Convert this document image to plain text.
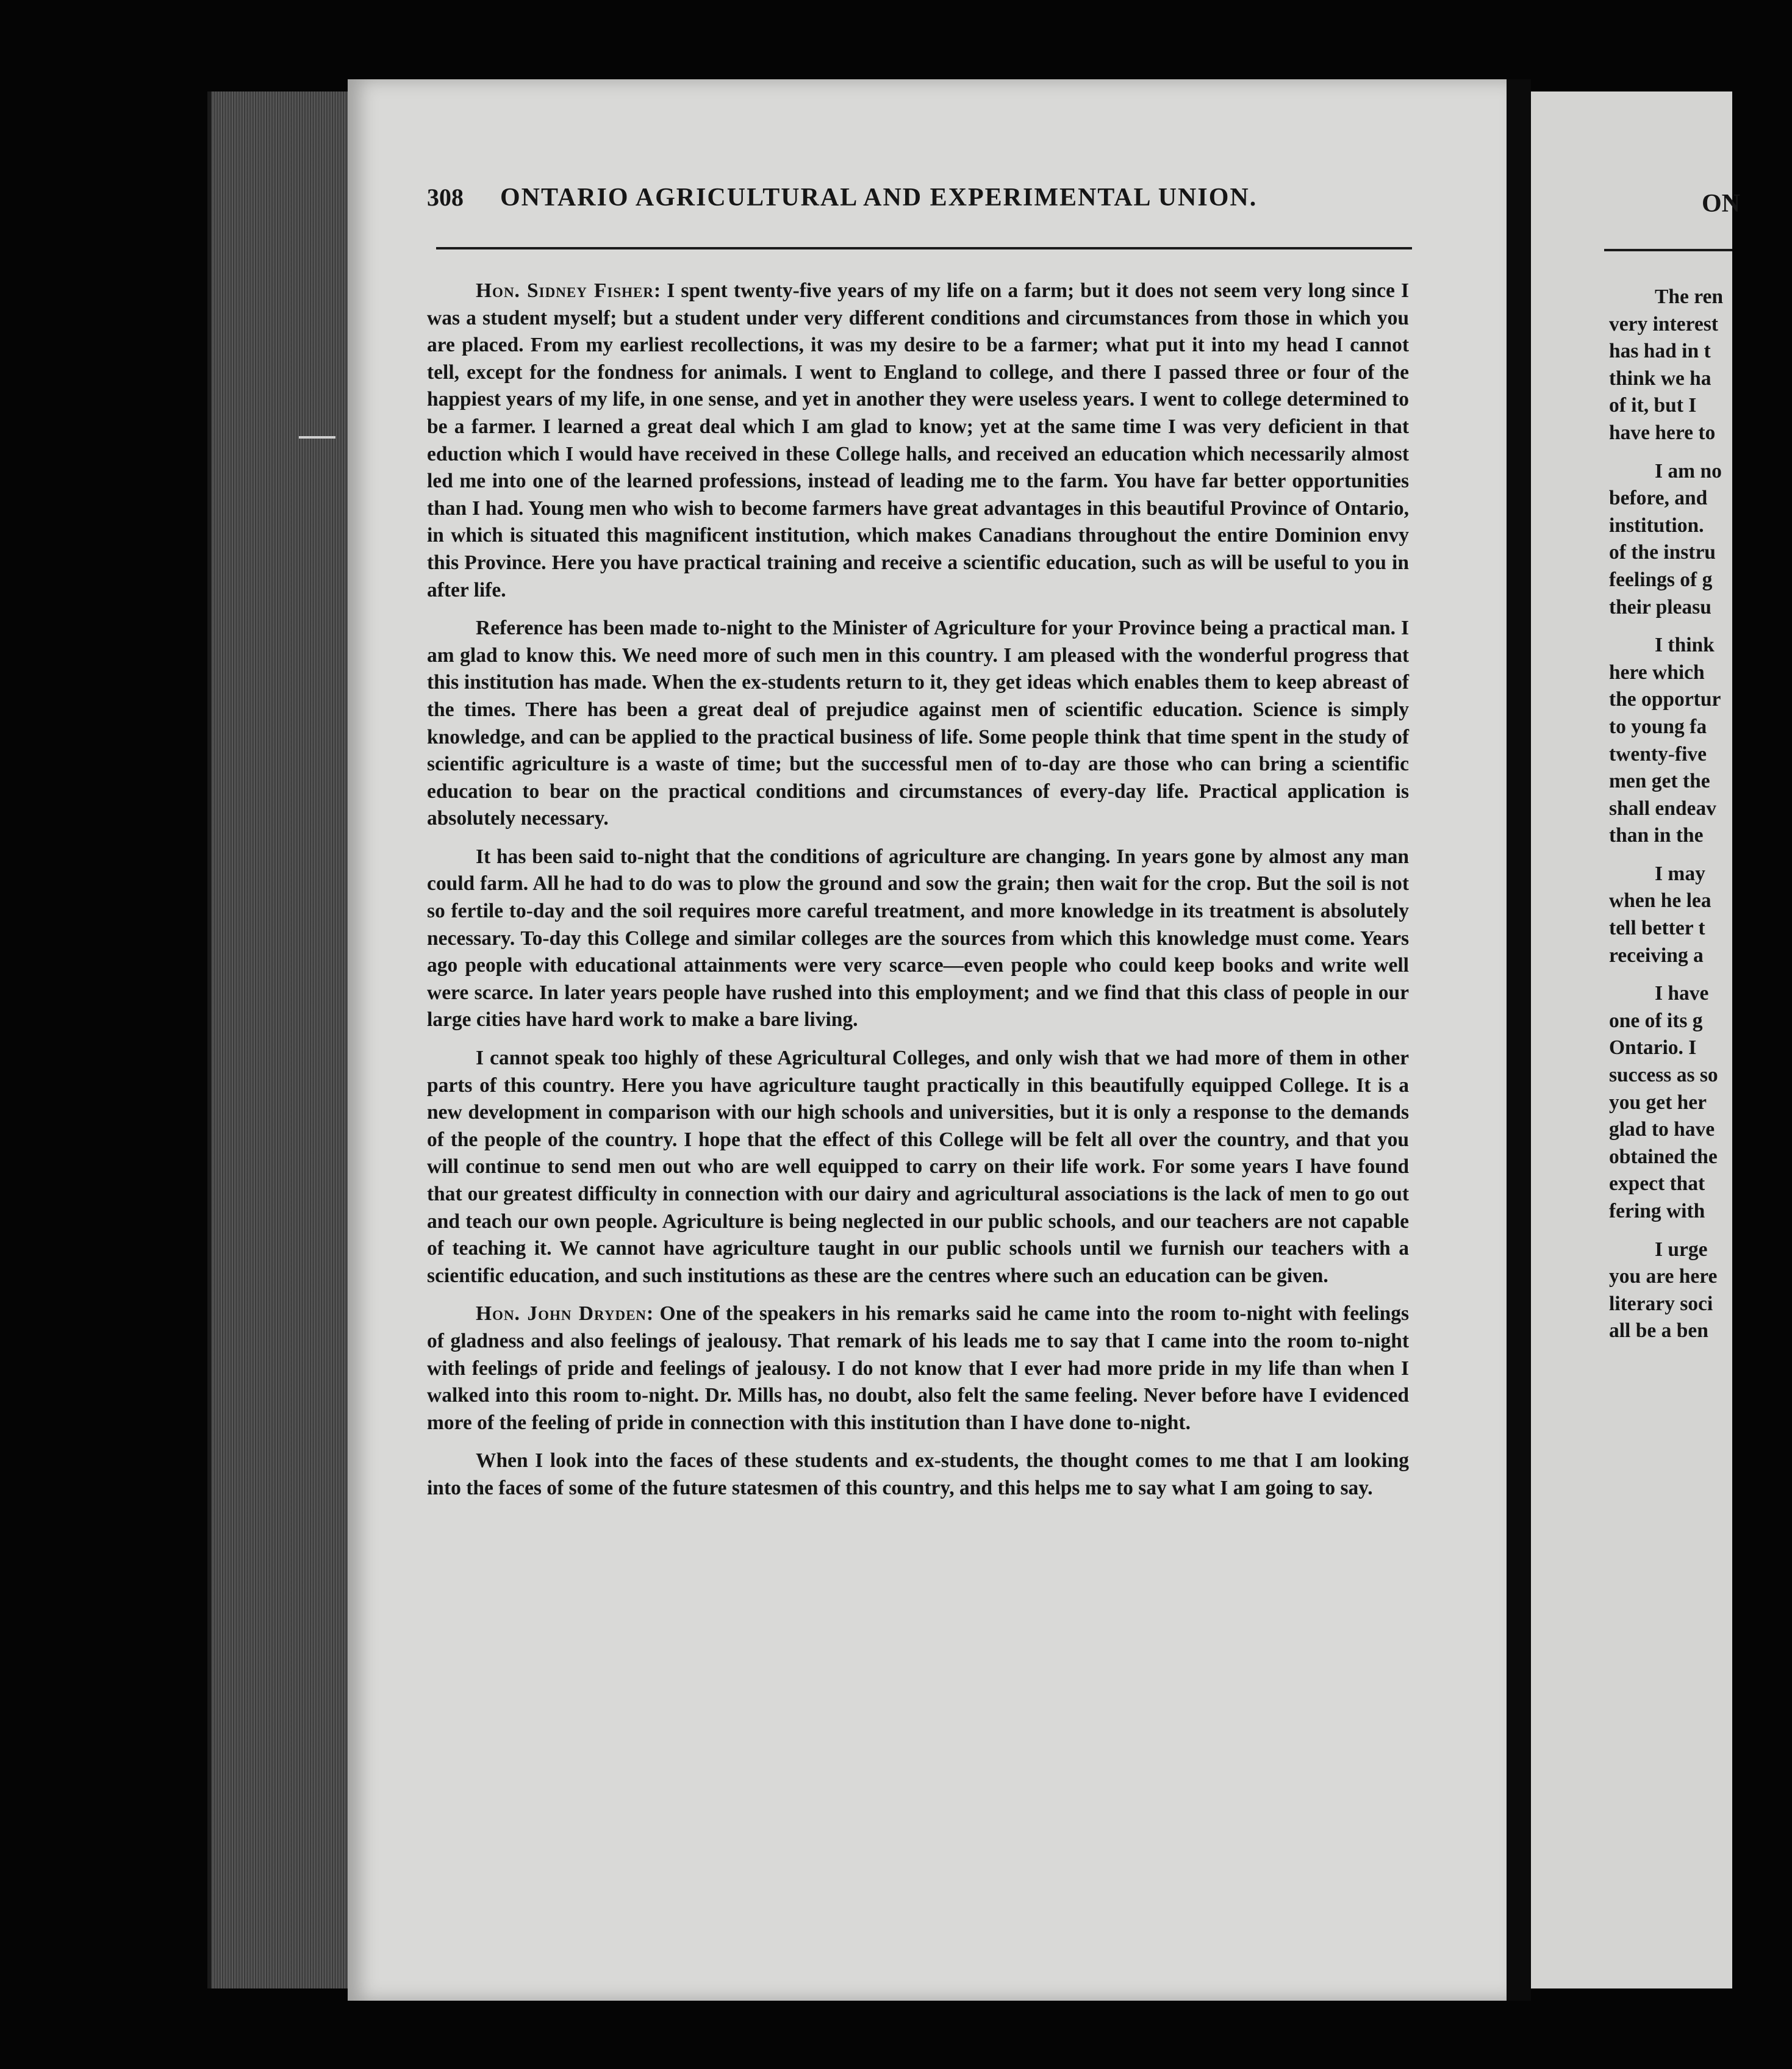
308 ONTARIO AGRICULTURAL AND EXPERIMENTAL UNION.

Hon. Sidney Fisher: I spent twenty-five years of my life on a farm; but it does not seem very long since I was a student myself; but a student under very different conditions and circumstances from those in which you are placed. From my earliest recollections, it was my desire to be a farmer; what put it into my head I cannot tell, except for the fondness for animals. I went to England to college, and there I passed three or four of the happiest years of my life, in one sense, and yet in another they were useless years. I went to college determined to be a farmer. I learned a great deal which I am glad to know; yet at the same time I was very deficient in that eduction which I would have received in these College halls, and received an education which necessarily almost led me into one of the learned professions, instead of leading me to the farm. You have far better opportunities than I had. Young men who wish to become farmers have great advantages in this beautiful Province of Ontario, in which is situated this magnificent institution, which makes Canadians throughout the entire Dominion envy this Province. Here you have practical training and receive a scientific education, such as will be useful to you in after life.

Reference has been made to-night to the Minister of Agriculture for your Province being a practical man. I am glad to know this. We need more of such men in this country. I am pleased with the wonderful progress that this institution has made. When the ex-students return to it, they get ideas which enables them to keep abreast of the times. There has been a great deal of prejudice against men of scientific education. Science is simply knowledge, and can be applied to the practical business of life. Some people think that time spent in the study of scientific agriculture is a waste of time; but the successful men of to-day are those who can bring a scientific education to bear on the practical conditions and circumstances of every-day life. Practical application is absolutely necessary.

It has been said to-night that the conditions of agriculture are changing. In years gone by almost any man could farm. All he had to do was to plow the ground and sow the grain; then wait for the crop. But the soil is not so fertile to-day and the soil requires more careful treatment, and more knowledge in its treatment is absolutely necessary. To-day this College and similar colleges are the sources from which this knowledge must come. Years ago people with educational attainments were very scarce—even people who could keep books and write well were scarce. In later years people have rushed into this employment; and we find that this class of people in our large cities have hard work to make a bare living.

I cannot speak too highly of these Agricultural Colleges, and only wish that we had more of them in other parts of this country. Here you have agriculture taught practically in this beautifully equipped College. It is a new development in comparison with our high schools and universities, but it is only a response to the demands of the people of the country. I hope that the effect of this College will be felt all over the country, and that you will continue to send men out who are well equipped to carry on their life work. For some years I have found that our greatest difficulty in connection with our dairy and agricultural associations is the lack of men to go out and teach our own people. Agriculture is being neglected in our public schools, and our teachers are not capable of teaching it. We cannot have agriculture taught in our public schools until we furnish our teachers with a scientific education, and such institutions as these are the centres where such an education can be given.

Hon. John Dryden: One of the speakers in his remarks said he came into the room to-night with feelings of gladness and also feelings of jealousy. That remark of his leads me to say that I came into the room to-night with feelings of pride and feelings of jealousy. I do not know that I ever had more pride in my life than when I walked into this room to-night. Dr. Mills has, no doubt, also felt the same feeling. Never before have I evidenced more of the feeling of pride in connection with this institution than I have done to-night.

When I look into the faces of these students and ex-students, the thought comes to me that I am looking into the faces of some of the future statesmen of this country, and this helps me to say what I am going to say.

ON
The ren
very interest
has had in t
think we ha
of it, but I
have here to
I am no
before, and
institution.
of the instru
feelings of g
their pleasu
I think
here which
the opportur
to young fa
twenty-five
men get the
shall endeav
than in the
I may
when he lea
tell better t
receiving a
I have
one of its g
Ontario. I
success as so
you get her
glad to have
obtained the
expect that
fering with
I urge
you are here
literary soci
all be a ben
